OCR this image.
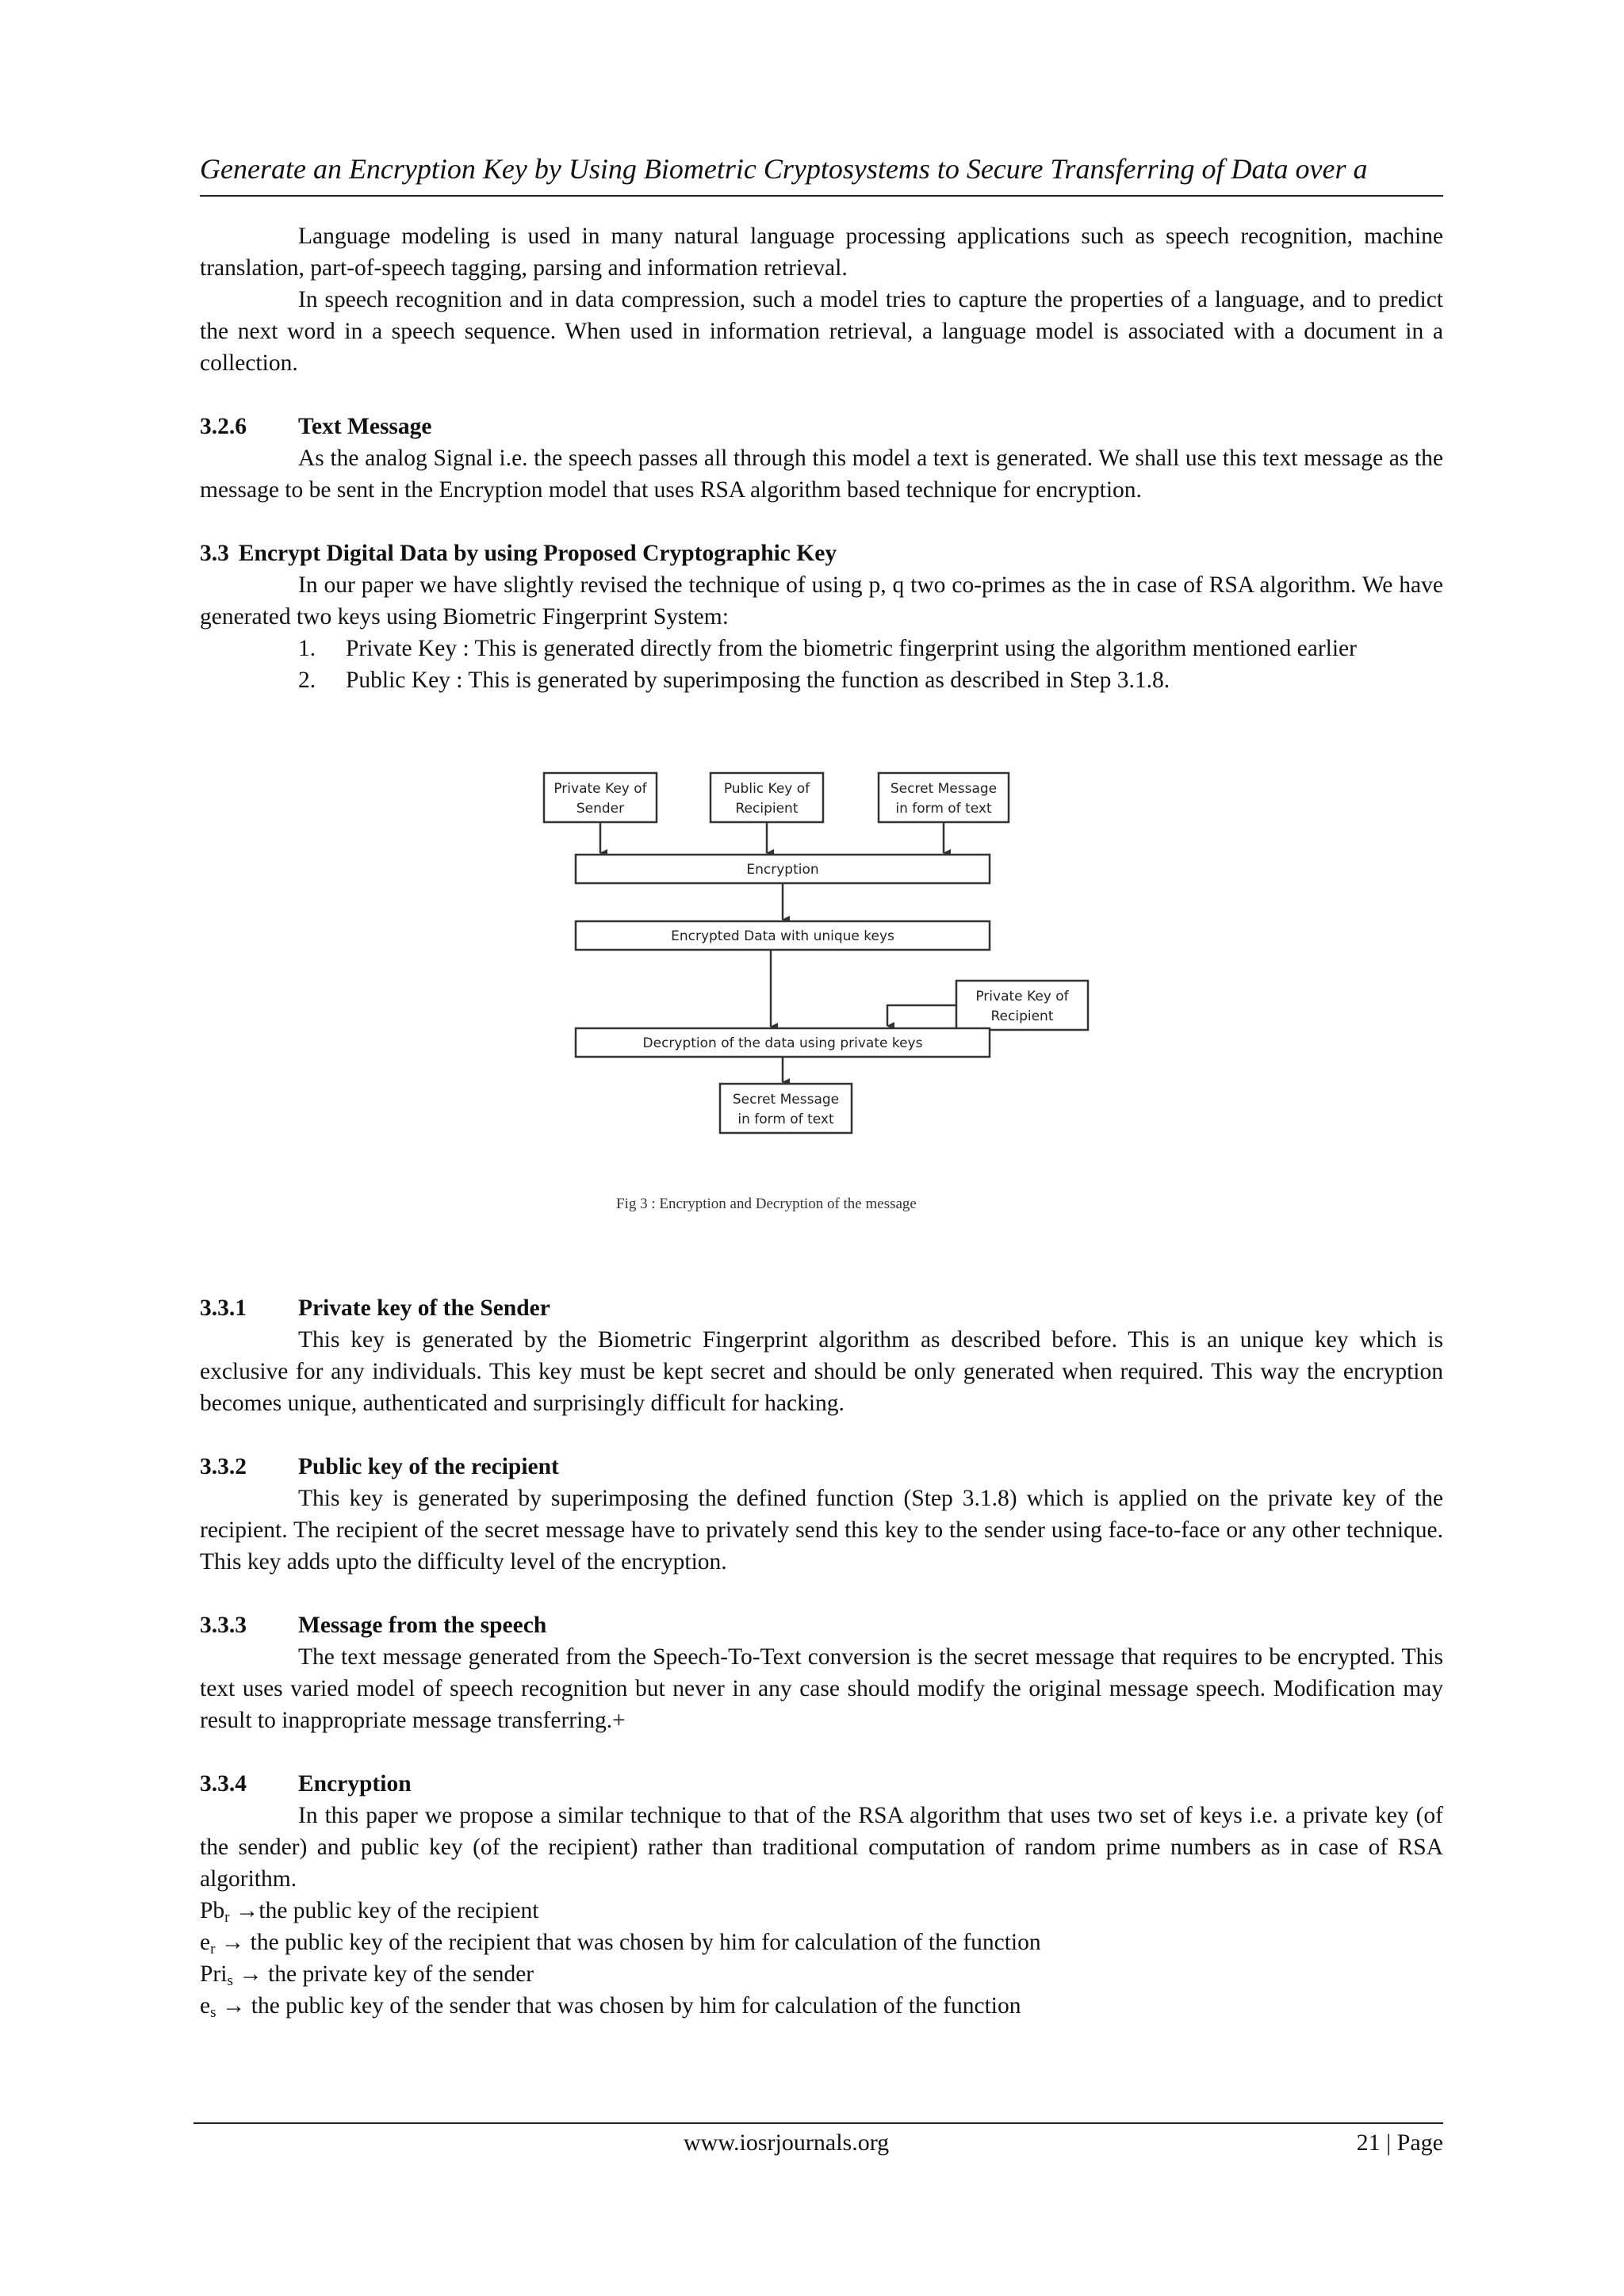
Generate an Encryption Key by Using Biometric Cryptosystems to Secure Transferring of Data over a

Language modeling is used in many natural language processing applications such as speech recognition, machine translation, part-of-speech tagging, parsing and information retrieval.

In speech recognition and in data compression, such a model tries to capture the properties of a language, and to predict the next word in a speech sequence. When used in information retrieval, a language model is associated with a document in a collection.

3.2.6 Text Message

As the analog Signal i.e. the speech passes all through this model a text is generated. We shall use this text message as the message to be sent in the Encryption model that uses RSA algorithm based technique for encryption.

3.3 Encrypt Digital Data by using Proposed Cryptographic Key

In our paper we have slightly revised the technique of using p, q two co-primes as the in case of RSA algorithm. We have generated two keys using Biometric Fingerprint System:

1. Private Key : This is generated directly from the biometric fingerprint using the algorithm mentioned earlier
2. Public Key : This is generated by superimposing the function as described in Step 3.1.8.
Private Key of
Sender
Public Key of
Recipient
Secret Message
in form of text
Encryption
Encrypted Data with unique keys
Private Key of
Recipient
Decryption of the data using private keys
Secret Message
in form of text
Fig 3 : Encryption and Decryption of the message

3.3.1 Private key of the Sender

This key is generated by the Biometric Fingerprint algorithm as described before. This is an unique key which is exclusive for any individuals. This key must be kept secret and should be only generated when required. This way the encryption becomes unique, authenticated and surprisingly difficult for hacking.

3.3.2 Public key of the recipient

This key is generated by superimposing the defined function (Step 3.1.8) which is applied on the private key of the recipient. The recipient of the secret message have to privately send this key to the sender using face-to-face or any other technique. This key adds upto the difficulty level of the encryption.

3.3.3 Message from the speech

The text message generated from the Speech-To-Text conversion is the secret message that requires to be encrypted. This text uses varied model of speech recognition but never in any case should modify the original message speech. Modification may result to inappropriate message transferring.+

3.3.4 Encryption

In this paper we propose a similar technique to that of the RSA algorithm that uses two set of keys i.e. a private key (of the sender) and public key (of the recipient) rather than traditional computation of random prime numbers as in case of RSA algorithm.

$Pb_r \to the$ public key of the recipient
$e_r$ → the public key of the recipient that was chosen by him for calculation of the function
Pri$_s$ → the private key of the sender
$e_s$ → the public key of the sender that was chosen by him for calculation of the function
www.iosrjournals.org	21 | Page
